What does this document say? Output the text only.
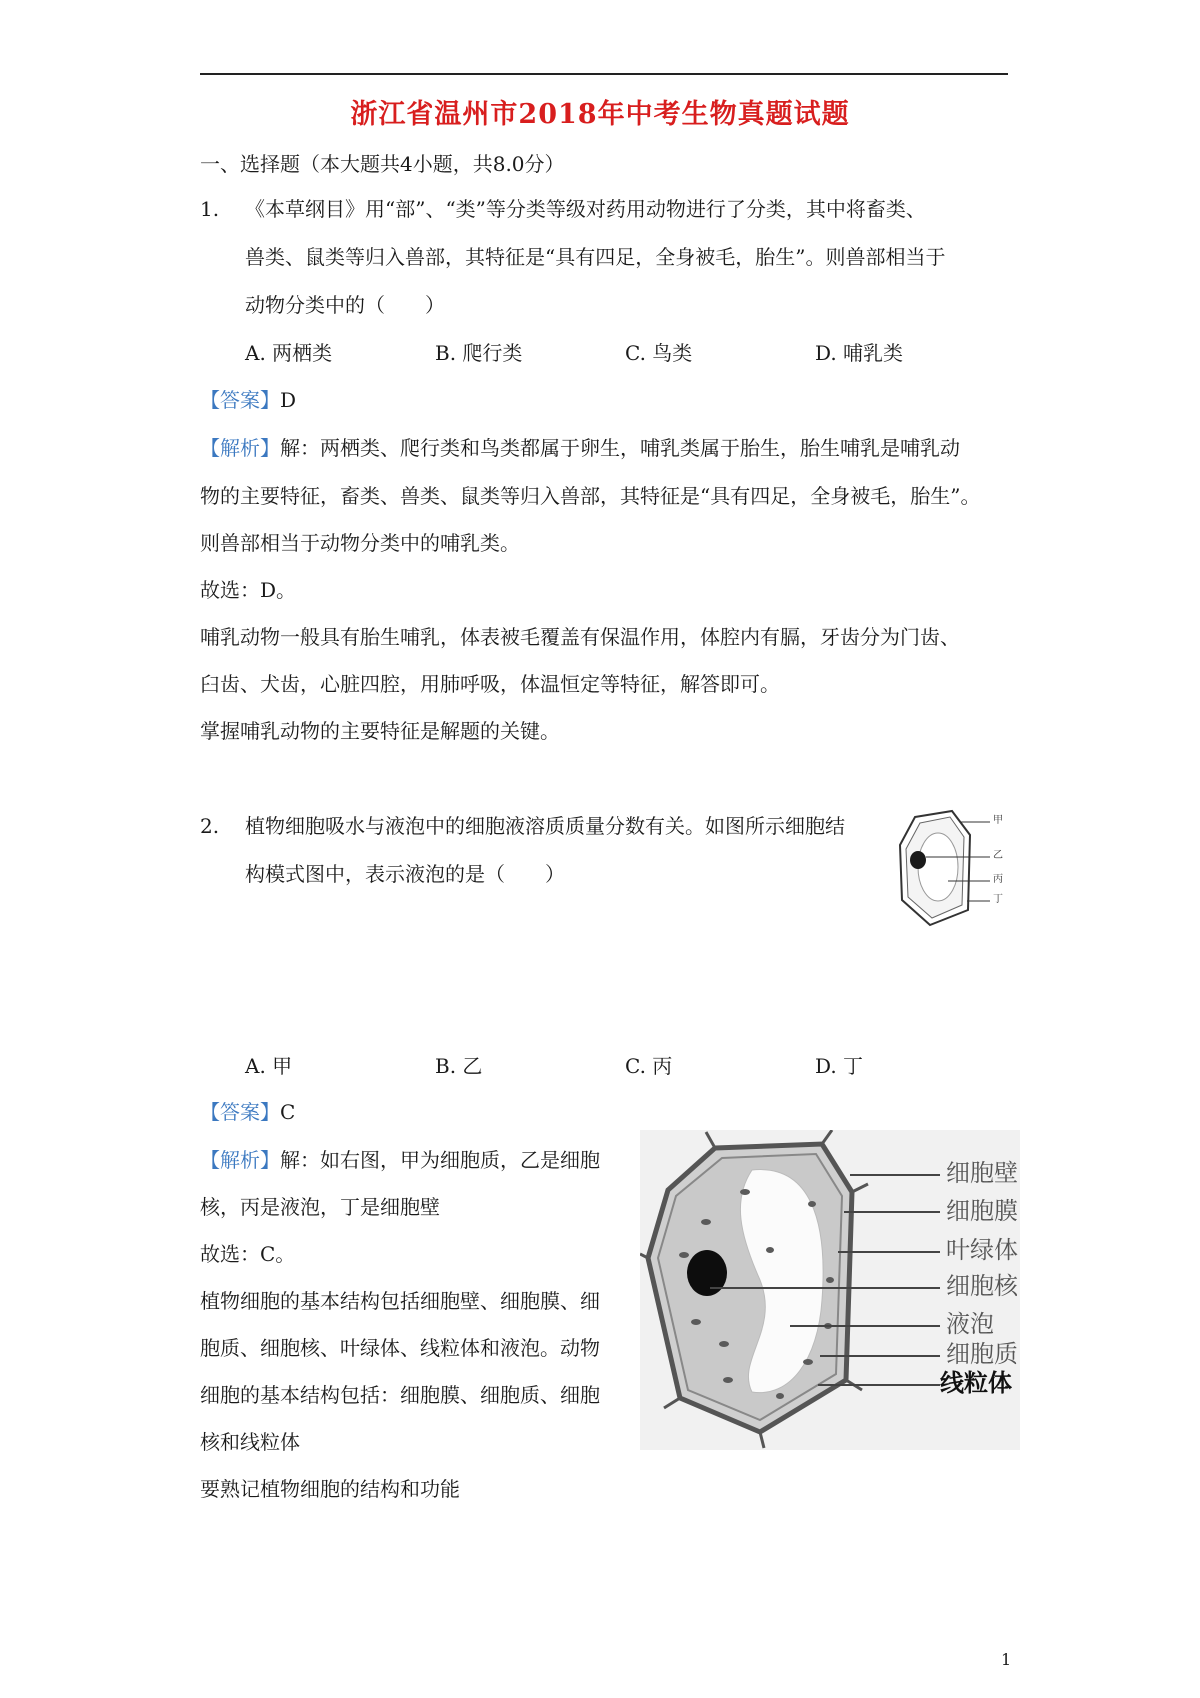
浙江省温州市2018年中考生物真题试题
一、选择题（本大题共4小题，共8.0分）
1. 《本草纲目》用“部”、“类”等分类等级对药用动物进行了分类，其中将畜类、
兽类、鼠类等归入兽部，其特征是“具有四足，全身被毛，胎生”。则兽部相当于
动物分类中的（　　）
A. 两栖类	B. 爬行类	C. 鸟类	D. 哺乳类
【答案】D
【解析】解：两栖类、爬行类和鸟类都属于卵生，哺乳类属于胎生，胎生哺乳是哺乳动
物的主要特征，畜类、兽类、鼠类等归入兽部，其特征是“具有四足，全身被毛，胎生”。
则兽部相当于动物分类中的哺乳类。
故选：D。
哺乳动物一般具有胎生哺乳，体表被毛覆盖有保温作用，体腔内有膈，牙齿分为门齿、
臼齿、犬齿，心脏四腔，用肺呼吸，体温恒定等特征，解答即可。
掌握哺乳动物的主要特征是解题的关键。
2. 植物细胞吸水与液泡中的细胞液溶质质量分数有关。如图所示细胞结
构模式图中，表示液泡的是（　　）
甲
乙
丙
丁
A. 甲	B. 乙	C. 丙	D. 丁
【答案】C
【解析】解：如右图，甲为细胞质，乙是细胞
核，丙是液泡，丁是细胞壁
故选：C。
植物细胞的基本结构包括细胞壁、细胞膜、细
胞质、细胞核、叶绿体、线粒体和液泡。动物
细胞的基本结构包括：细胞膜、细胞质、细胞
核和线粒体
要熟记植物细胞的结构和功能
细胞壁
细胞膜
叶绿体
细胞核
液泡
细胞质
线粒体
1
